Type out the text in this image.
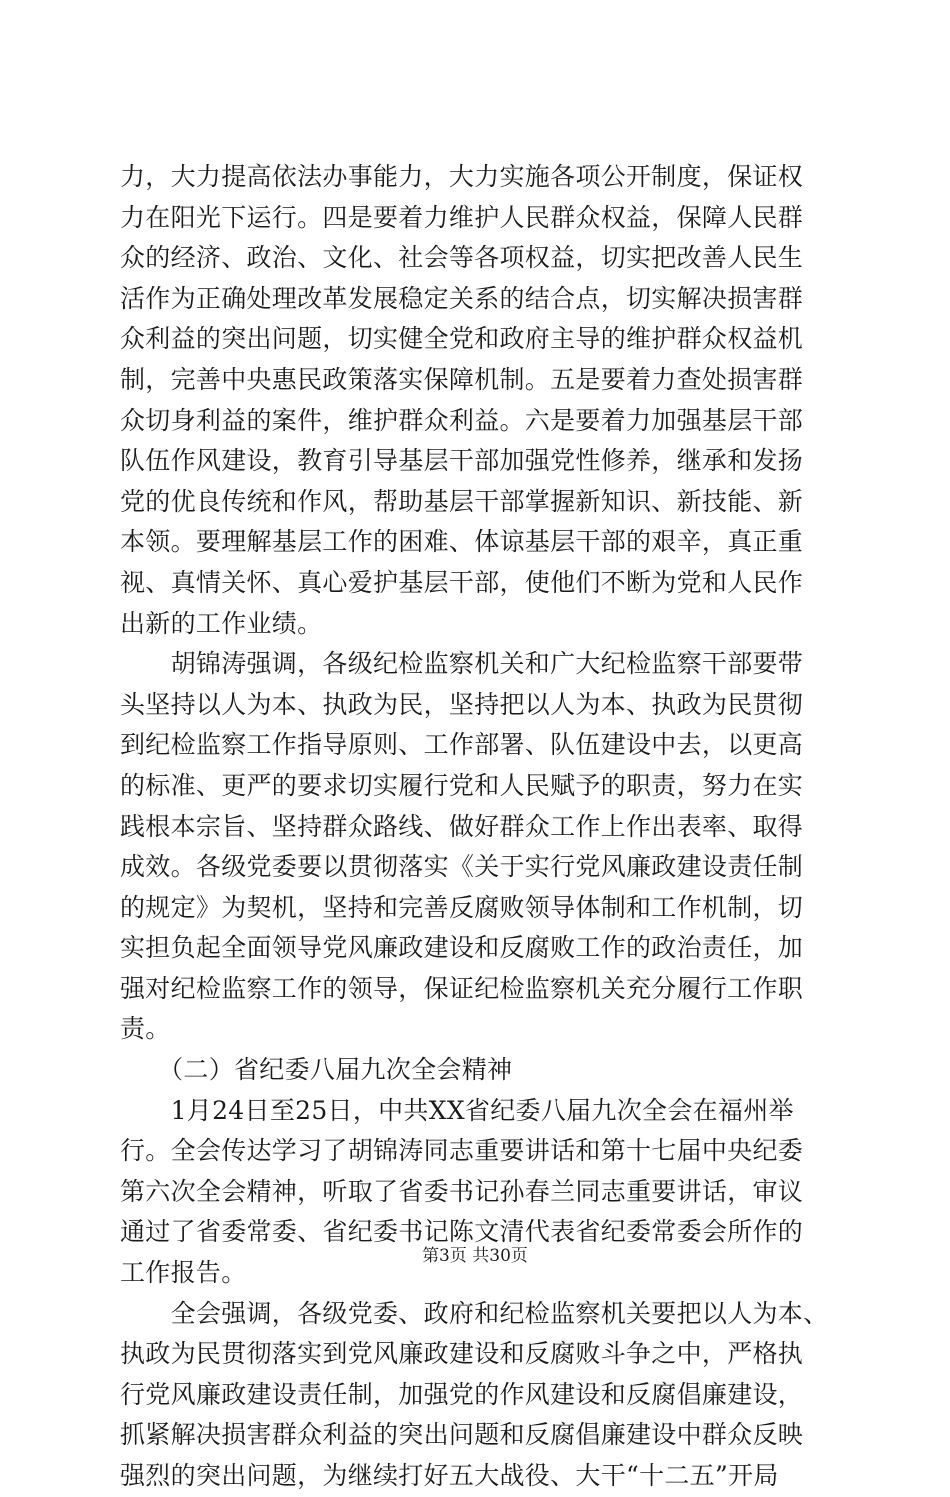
力，大力提高依法办事能力，大力实施各项公开制度，保证权
力在阳光下运行。四是要着力维护人民群众权益，保障人民群
众的经济、政治、文化、社会等各项权益，切实把改善人民生
活作为正确处理改革发展稳定关系的结合点，切实解决损害群
众利益的突出问题，切实健全党和政府主导的维护群众权益机
制，完善中央惠民政策落实保障机制。五是要着力查处损害群
众切身利益的案件，维护群众利益。六是要着力加强基层干部
队伍作风建设，教育引导基层干部加强党性修养，继承和发扬
党的优良传统和作风，帮助基层干部掌握新知识、新技能、新
本领。要理解基层工作的困难、体谅基层干部的艰辛，真正重
视、真情关怀、真心爱护基层干部，使他们不断为党和人民作
出新的工作业绩。
　　胡锦涛强调，各级纪检监察机关和广大纪检监察干部要带
头坚持以人为本、执政为民，坚持把以人为本、执政为民贯彻
到纪检监察工作指导原则、工作部署、队伍建设中去，以更高
的标准、更严的要求切实履行党和人民赋予的职责，努力在实
践根本宗旨、坚持群众路线、做好群众工作上作出表率、取得
成效。各级党委要以贯彻落实《关于实行党风廉政建设责任制
的规定》为契机，坚持和完善反腐败领导体制和工作机制，切
实担负起全面领导党风廉政建设和反腐败工作的政治责任，加
强对纪检监察工作的领导，保证纪检监察机关充分履行工作职
责。
　　（二）省纪委八届九次全会精神
　　1月24日至25日，中共XX省纪委八届九次全会在福州举
行。全会传达学习了胡锦涛同志重要讲话和第十七届中央纪委
第六次全会精神，听取了省委书记孙春兰同志重要讲话，审议
通过了省委常委、省纪委书记陈文清代表省纪委常委会所作的
工作报告。
　　全会强调，各级党委、政府和纪检监察机关要把以人为本、
执政为民贯彻落实到党风廉政建设和反腐败斗争之中，严格执
行党风廉政建设责任制，加强党的作风建设和反腐倡廉建设，
抓紧解决损害群众利益的突出问题和反腐倡廉建设中群众反映
强烈的突出问题，为继续打好五大战役、大干“十二五”开局
第3页 共30页
